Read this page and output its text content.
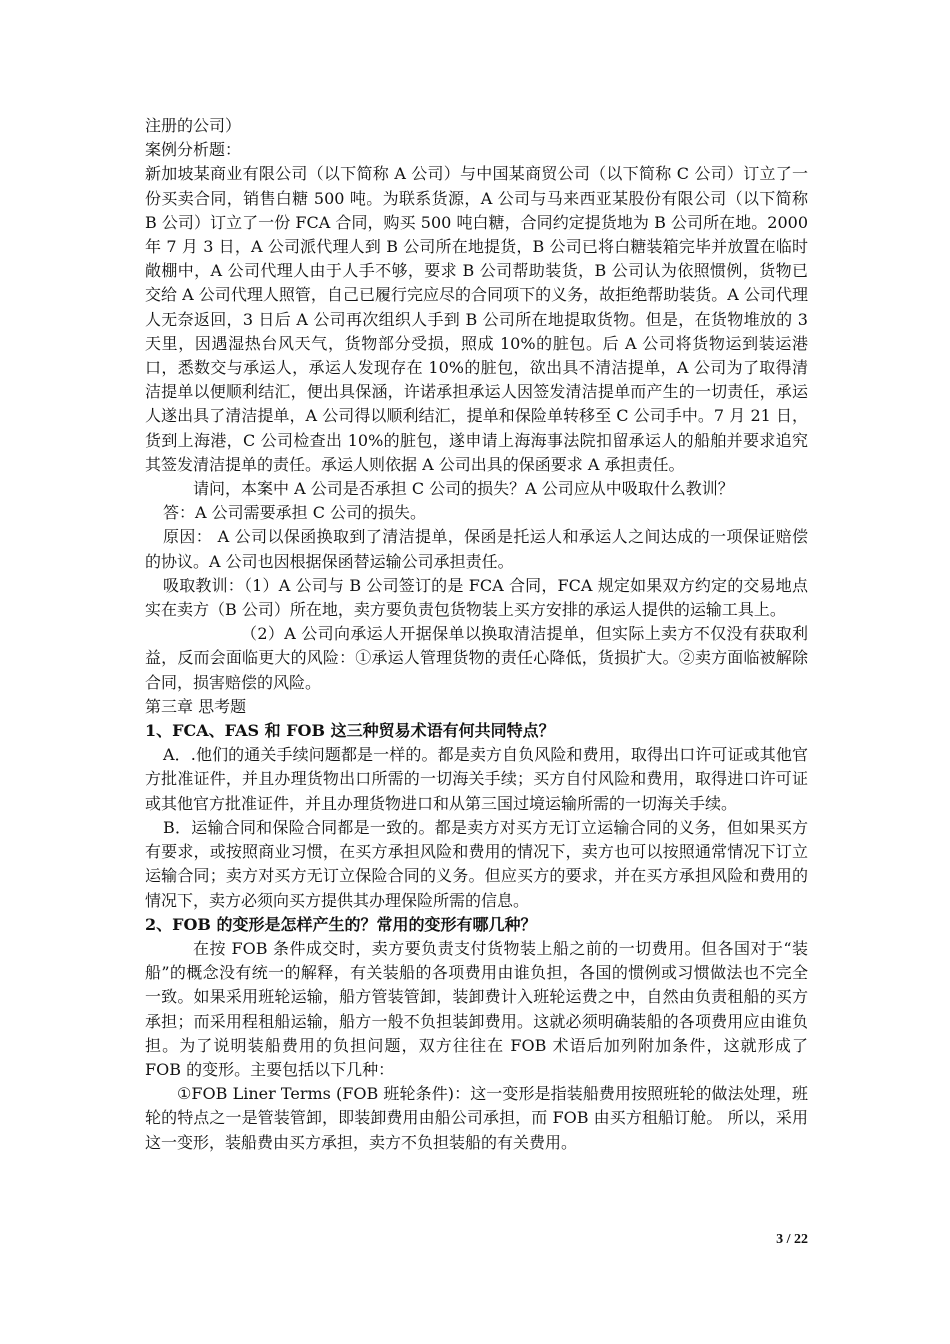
注册的公司）

案例分析题：

新加坡某商业有限公司（以下简称 A 公司）与中国某商贸公司（以下简称 C 公司）订立了一份买卖合同，销售白糖 500 吨。为联系货源，A 公司与马来西亚某股份有限公司（以下简称 B 公司）订立了一份 FCA 合同，购买 500 吨白糖，合同约定提货地为 B 公司所在地。2000 年 7 月 3 日，A 公司派代理人到 B 公司所在地提货，B 公司已将白糖装箱完毕并放置在临时敞棚中，A 公司代理人由于人手不够，要求 B 公司帮助装货，B 公司认为依照惯例，货物已交给 A 公司代理人照管，自己已履行完应尽的合同项下的义务，故拒绝帮助装货。A 公司代理人无奈返回，3 日后 A 公司再次组织人手到 B 公司所在地提取货物。但是，在货物堆放的 3 天里，因遇湿热台风天气，货物部分受损，照成 10%的脏包。后 A 公司将货物运到装运港口，悉数交与承运人，承运人发现存在 10%的脏包，欲出具不清洁提单，A 公司为了取得清洁提单以便顺利结汇，便出具保涵，许诺承担承运人因签发清洁提单而产生的一切责任，承运人遂出具了清洁提单，A 公司得以顺利结汇，提单和保险单转移至 C 公司手中。7 月 21 日，货到上海港，C 公司检查出 10%的脏包，遂申请上海海事法院扣留承运人的船舶并要求追究其签发清洁提单的责任。承运人则依据 A 公司出具的保函要求 A 承担责任。

请问，本案中 A 公司是否承担 C 公司的损失？A 公司应从中吸取什么教训？

答：A 公司需要承担 C 公司的损失。

原因： A 公司以保函换取到了清洁提单，保函是托运人和承运人之间达成的一项保证赔偿的协议。A 公司也因根据保函替运输公司承担责任。

吸取教训：（1）A 公司与 B 公司签订的是 FCA 合同，FCA 规定如果双方约定的交易地点实在卖方（B 公司）所在地，卖方要负责包货物装上买方安排的承运人提供的运输工具上。

（2）A 公司向承运人开据保单以换取清洁提单，但实际上卖方不仅没有获取利益，反而会面临更大的风险：①承运人管理货物的责任心降低，货损扩大。②卖方面临被解除合同，损害赔偿的风险。

第三章 思考题

1、FCA、FAS 和 FOB 这三种贸易术语有何共同特点？

A．.他们的通关手续问题都是一样的。都是卖方自负风险和费用，取得出口许可证或其他官方批准证件，并且办理货物出口所需的一切海关手续；买方自付风险和费用，取得进口许可证或其他官方批准证件，并且办理货物进口和从第三国过境运输所需的一切海关手续。

B．运输合同和保险合同都是一致的。都是卖方对买方无订立运输合同的义务，但如果买方有要求，或按照商业习惯，在买方承担风险和费用的情况下，卖方也可以按照通常情况下订立运输合同；卖方对买方无订立保险合同的义务。但应买方的要求，并在买方承担风险和费用的情况下，卖方必须向买方提供其办理保险所需的信息。

2、FOB 的变形是怎样产生的？常用的变形有哪几种？

在按 FOB 条件成交时，卖方要负责支付货物装上船之前的一切费用。但各国对于“装船”的概念没有统一的解释，有关装船的各项费用由谁负担，各国的惯例或习惯做法也不完全一致。如果采用班轮运输，船方管装管卸，装卸费计入班轮运费之中，自然由负责租船的买方承担；而采用程租船运输，船方一般不负担装卸费用。这就必须明确装船的各项费用应由谁负担。为了说明装船费用的负担问题，双方往往在 FOB 术语后加列附加条件，这就形成了 FOB 的变形。主要包括以下几种：

①FOB Liner Terms (FOB 班轮条件)：这一变形是指装船费用按照班轮的做法处理，班轮的特点之一是管装管卸，即装卸费用由船公司承担，而 FOB 由买方租船订舱。 所以，采用这一变形，装船费由买方承担，卖方不负担装船的有关费用。

3 / 22
